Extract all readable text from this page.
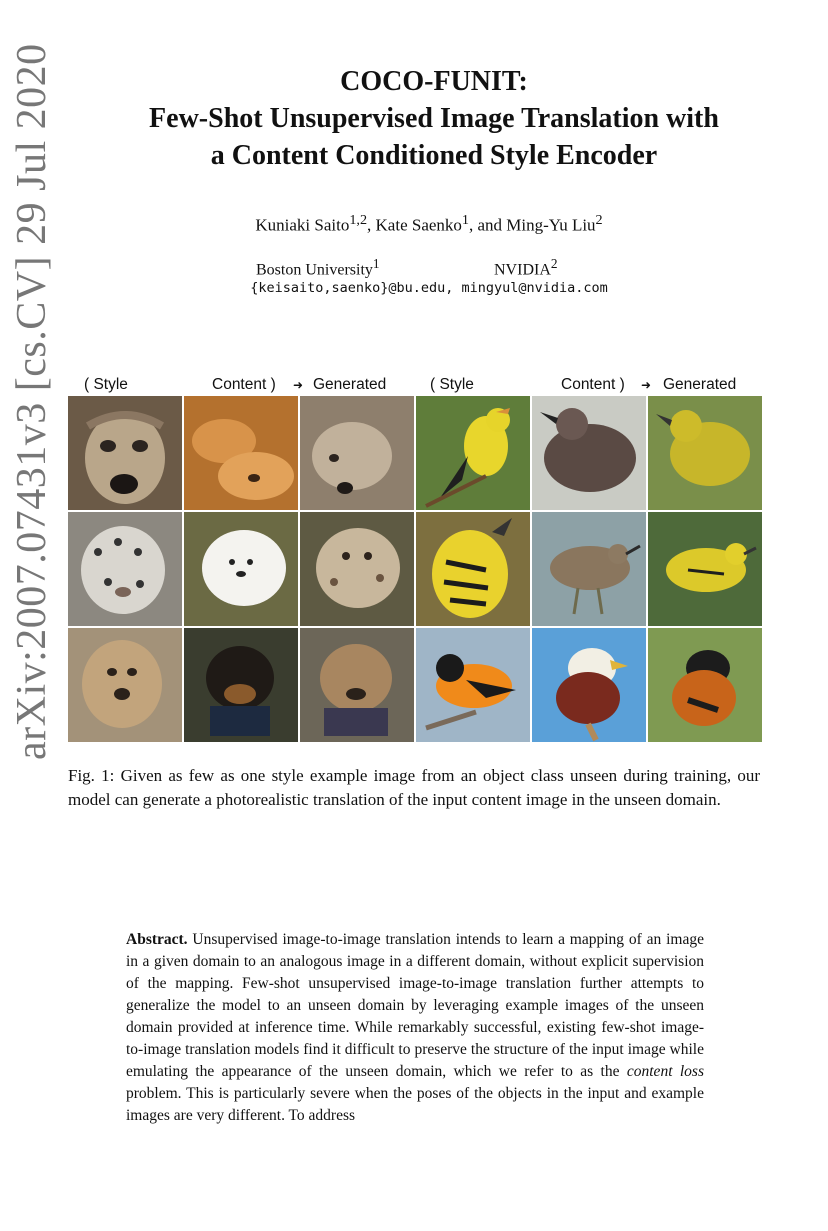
arXiv:2007.07431v3 [cs.CV] 29 Jul 2020	COCO-FUNIT:
Few-Shot Unsupervised Image Translation with
a Content Conditioned Style Encoder
Kuniaki Saito$^{1,2}$, Kate Saenko$^1$, and Ming-Yu Liu$^2$
Boston University$^1$	NVIDIA$^2$
{keisaito,saenko}@bu.edu, mingyul@nvidia.com
( Style	Content ) ➜ Generated	( Style	Content ) ➜ Generated
Fig. 1: Given as few as one style example image from an object class unseen during training, our model can generate a photorealistic translation of the input content image in the unseen domain.
Abstract. Unsupervised image-to-image translation intends to learn a mapping of an image in a given domain to an analogous image in a different domain, without explicit supervision of the mapping. Few-shot unsupervised image-to-image translation further attempts to generalize the model to an unseen domain by leveraging example images of the unseen domain provided at inference time. While remarkably successful, existing few-shot image-to-image translation models find it difficult to preserve the structure of the input image while emulating the appearance of the unseen domain, which we refer to as the content loss problem. This is particularly severe when the poses of the objects in the input and example images are very different. To address
